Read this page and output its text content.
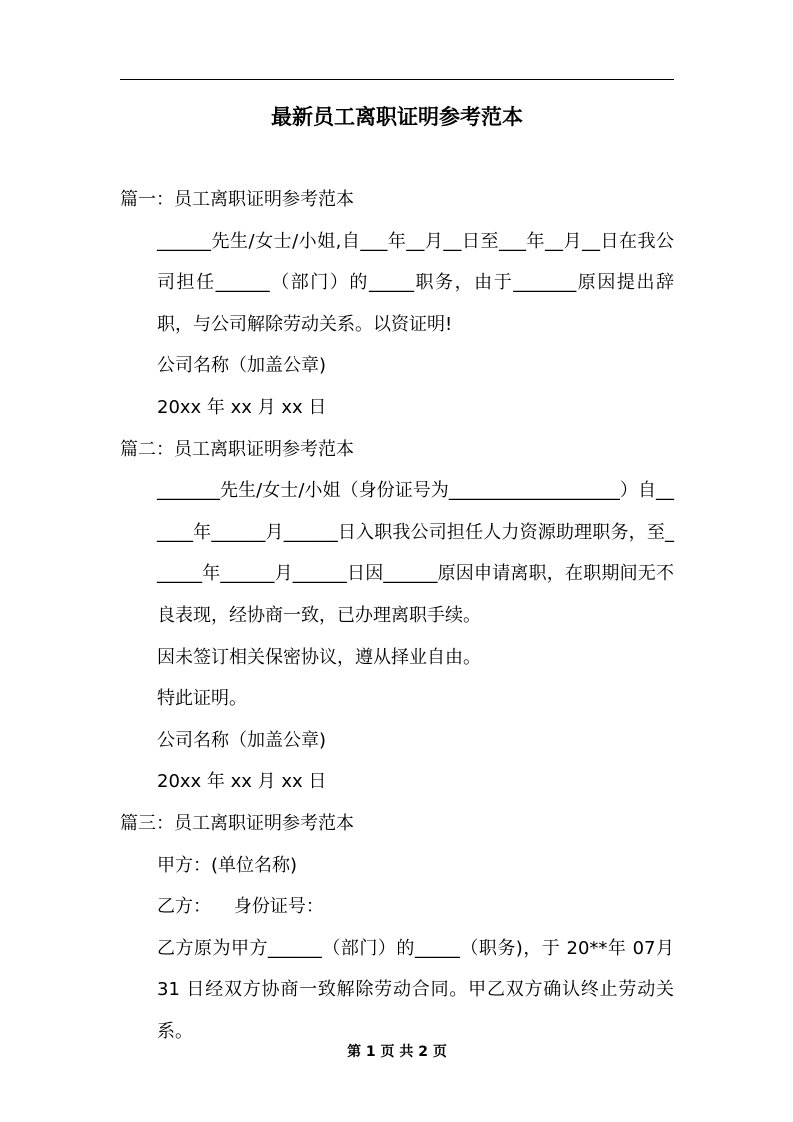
最新员工离职证明参考范本

篇一：员工离职证明参考范本

______先生/女士/小姐,自___年__月__日至___年__月__日在我公司担任______（部门）的_____职务，由于_______原因提出辞职，与公司解除劳动关系。以资证明!

公司名称（加盖公章)

20xx 年 xx 月 xx 日

篇二：员工离职证明参考范本

_______先生/女士/小姐（身份证号为___________________）自______年______月______日入职我公司担任人力资源助理职务，至______年______月______日因______原因申请离职，在职期间无不良表现，经协商一致，已办理离职手续。

因未签订相关保密协议，遵从择业自由。

特此证明。

公司名称（加盖公章)

20xx 年 xx 月 xx 日

篇三：员工离职证明参考范本

甲方：(单位名称)

乙方：    身份证号：

乙方原为甲方______（部门）的_____（职务)，于 20**年 07月 31 日经双方协商一致解除劳动合同。甲乙双方确认终止劳动关系。

第 1 页 共 2 页
